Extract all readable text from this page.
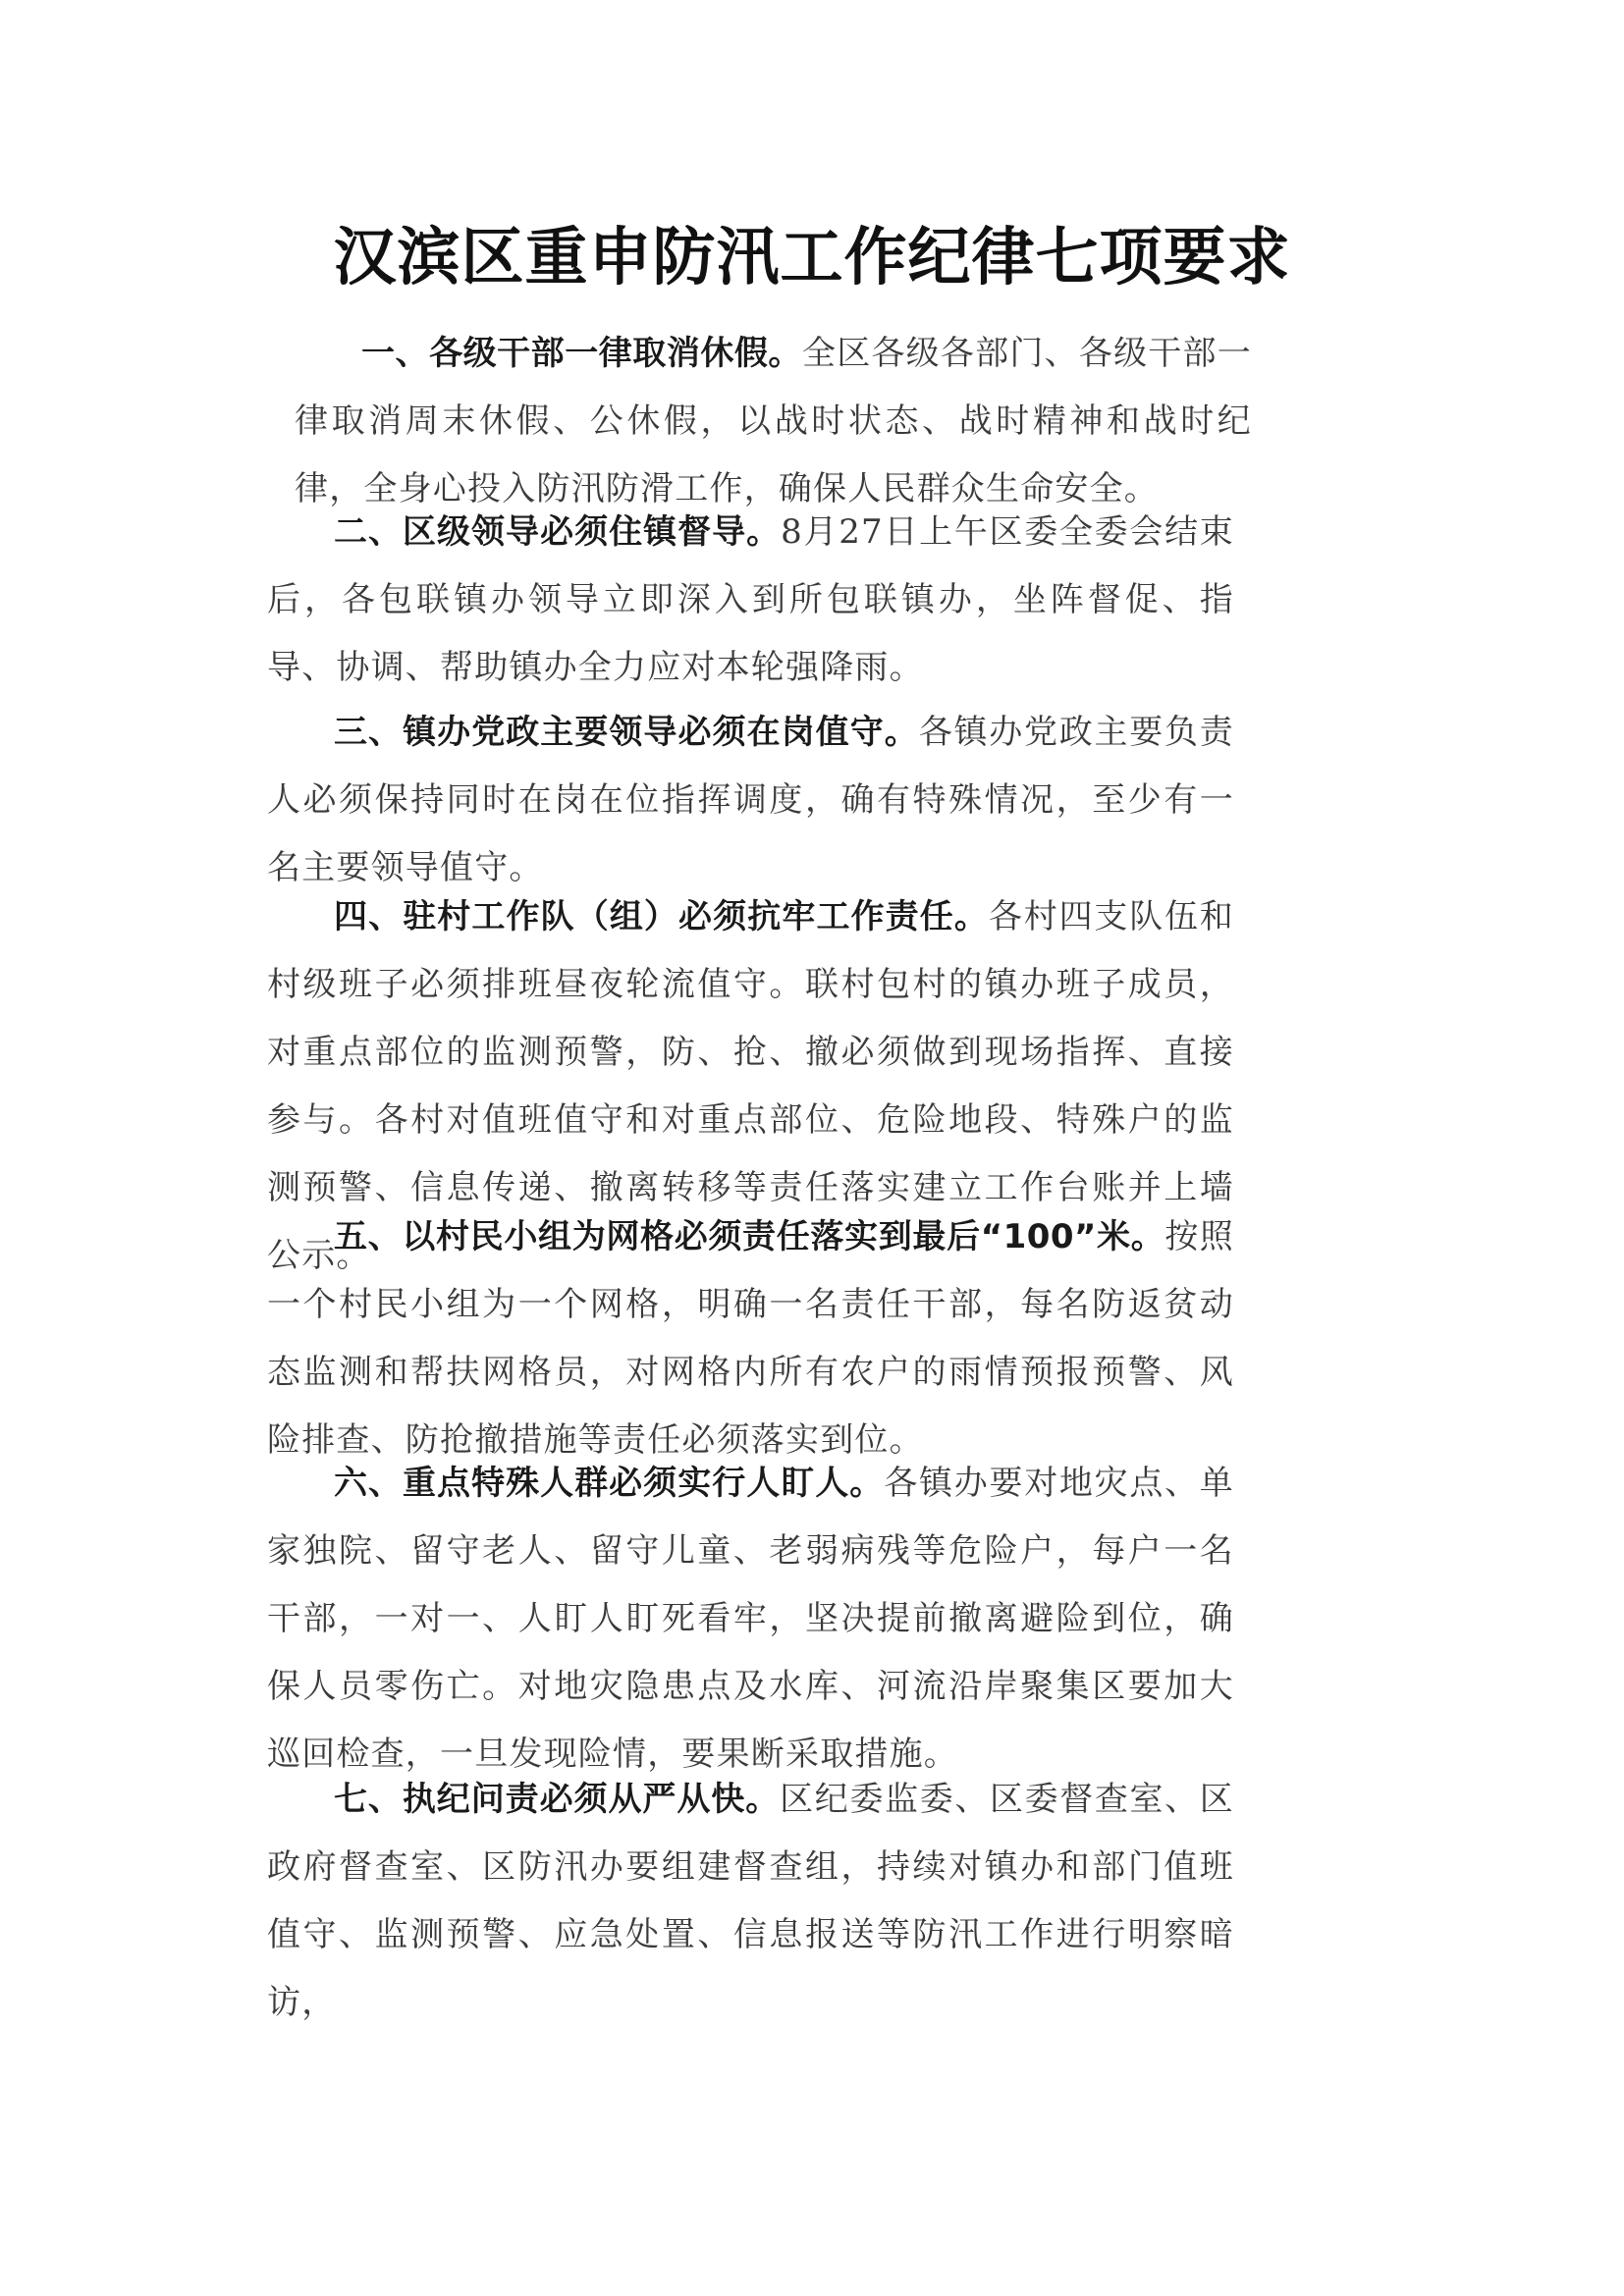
汉滨区重申防汛工作纪律七项要求

一、各级干部一律取消休假。全区各级各部门、各级干部一律取消周末休假、公休假，以战时状态、战时精神和战时纪律，全身心投入防汛防滑工作，确保人民群众生命安全。

二、区级领导必须住镇督导。8月27日上午区委全委会结束后，各包联镇办领导立即深入到所包联镇办，坐阵督促、指导、协调、帮助镇办全力应对本轮强降雨。

三、镇办党政主要领导必须在岗值守。各镇办党政主要负责人必须保持同时在岗在位指挥调度，确有特殊情况，至少有一名主要领导值守。

四、驻村工作队（组）必须抗牢工作责任。各村四支队伍和村级班子必须排班昼夜轮流值守。联村包村的镇办班子成员，对重点部位的监测预警，防、抢、撤必须做到现场指挥、直接参与。各村对值班值守和对重点部位、危险地段、特殊户的监测预警、信息传递、撤离转移等责任落实建立工作台账并上墙公示。

五、以村民小组为网格必须责任落实到最后“100”米。按照一个村民小组为一个网格，明确一名责任干部，每名防返贫动态监测和帮扶网格员，对网格内所有农户的雨情预报预警、风险排查、防抢撤措施等责任必须落实到位。

六、重点特殊人群必须实行人盯人。各镇办要对地灾点、单家独院、留守老人、留守儿童、老弱病残等危险户，每户一名干部，一对一、人盯人盯死看牢，坚决提前撤离避险到位，确保人员零伤亡。对地灾隐患点及水库、河流沿岸聚集区要加大巡回检查，一旦发现险情，要果断采取措施。

七、执纪问责必须从严从快。区纪委监委、区委督查室、区政府督查室、区防汛办要组建督查组，持续对镇办和部门值班值守、监测预警、应急处置、信息报送等防汛工作进行明察暗访，
